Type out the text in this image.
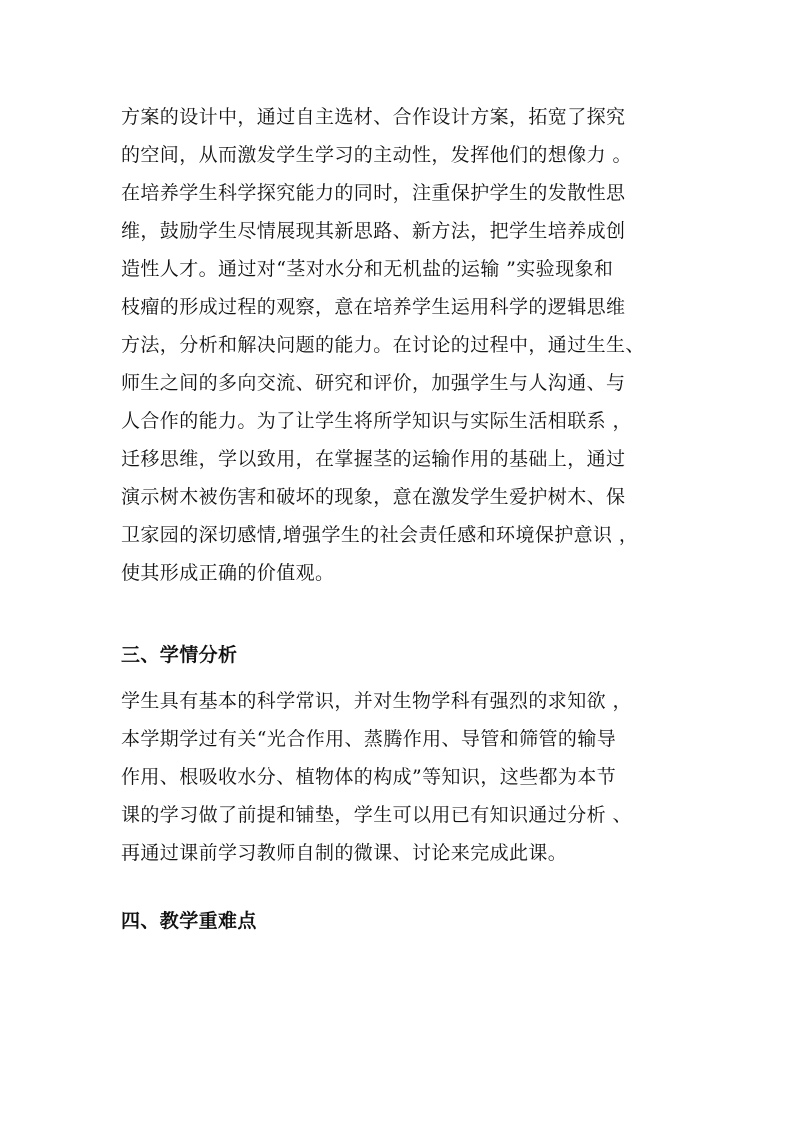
方案的设计中，通过自主选材、合作设计方案，拓宽了探究
的空间，从而激发学生学习的主动性，发挥他们的想像力 。
在培养学生科学探究能力的同时，注重保护学生的发散性思
维，鼓励学生尽情展现其新思路、新方法，把学生培养成创
造性人才。通过对“茎对水分和无机盐的运输 ”实验现象和
枝瘤的形成过程的观察，意在培养学生运用科学的逻辑思维
方法，分析和解决问题的能力。在讨论的过程中，通过生生、
师生之间的多向交流、研究和评价，加强学生与人沟通、与
人合作的能力。为了让学生将所学知识与实际生活相联系 ，
迁移思维，学以致用，在掌握茎的运输作用的基础上，通过
演示树木被伤害和破坏的现象，意在激发学生爱护树木、保
卫家园的深切感情,增强学生的社会责任感和环境保护意识 ，
使其形成正确的价值观。
三、学情分析
学生具有基本的科学常识，并对生物学科有强烈的求知欲 ，
本学期学过有关“光合作用、蒸腾作用、导管和筛管的输导
作用、根吸收水分、植物体的构成”等知识，这些都为本节
课的学习做了前提和铺垫，学生可以用已有知识通过分析 、
再通过课前学习教师自制的微课、讨论来完成此课。
四、教学重难点
